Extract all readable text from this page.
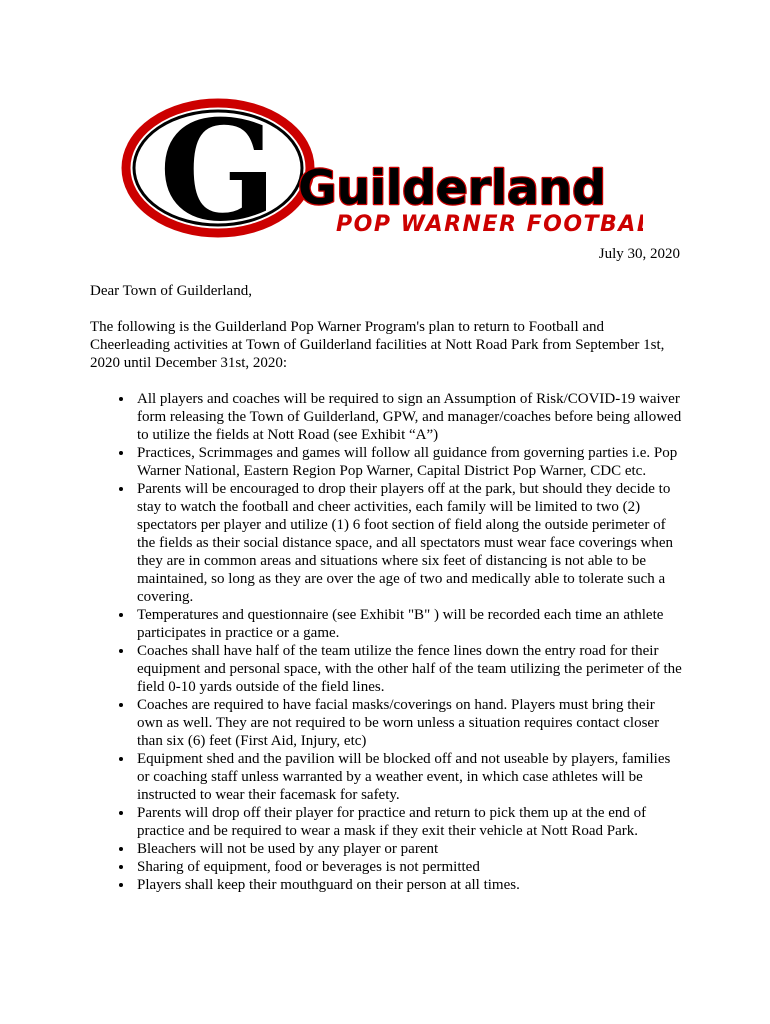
G Guilderland
POP WARNER FOOTBALL
July 30, 2020

Dear Town of Guilderland,

The following is the Guilderland Pop Warner Program's plan to return to Football and Cheerleading activities at Town of Guilderland facilities at Nott Road Park from September 1st, 2020 until December 31st, 2020:

• All players and coaches will be required to sign an Assumption of Risk/COVID-19 waiver form releasing the Town of Guilderland, GPW, and manager/coaches before being allowed to utilize the fields at Nott Road (see Exhibit “A”)
• Practices, Scrimmages and games will follow all guidance from governing parties i.e. Pop Warner National, Eastern Region Pop Warner, Capital District Pop Warner, CDC etc.
• Parents will be encouraged to drop their players off at the park, but should they decide to stay to watch the football and cheer activities, each family will be limited to two (2) spectators per player and utilize (1) 6 foot section of field along the outside perimeter of the fields as their social distance space, and all spectators must wear face coverings when they are in common areas and situations where six feet of distancing is not able to be maintained, so long as they are over the age of two and medically able to tolerate such a covering.
• Temperatures and questionnaire (see Exhibit "B" ) will be recorded each time an athlete participates in practice or a game.
• Coaches shall have half of the team utilize the fence lines down the entry road for their equipment and personal space, with the other half of the team utilizing the perimeter of the field 0-10 yards outside of the field lines.
• Coaches are required to have facial masks/coverings on hand. Players must bring their own as well. They are not required to be worn unless a situation requires contact closer than six (6) feet (First Aid, Injury, etc)
• Equipment shed and the pavilion will be blocked off and not useable by players, families or coaching staff unless warranted by a weather event, in which case athletes will be instructed to wear their facemask for safety.
• Parents will drop off their player for practice and return to pick them up at the end of practice and be required to wear a mask if they exit their vehicle at Nott Road Park.
• Bleachers will not be used by any player or parent
• Sharing of equipment, food or beverages is not permitted
• Players shall keep their mouthguard on their person at all times.
